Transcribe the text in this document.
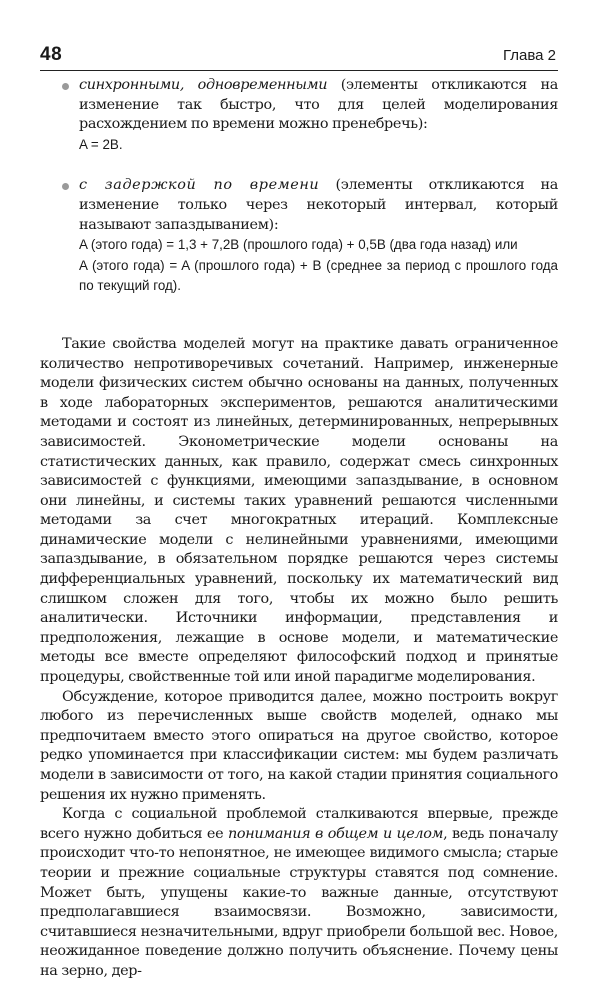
48	Глава 2

синхронными, одновременными (элементы откликаются на изменение так быстро, что для целей моделирования расхождением по времени можно пренебречь):
A = 2B.

с задержкой по времени (элементы откликаются на изменение только через некоторый интервал, который называют запаздыванием):
A (этого года) = 1,3 + 7,2B (прошлого года) + 0,5B (два года назад) или
A (этого года) = A (прошлого года) + B (среднее за период с прошлого года по текущий год).

Такие свойства моделей могут на практике давать ограниченное количество непротиворечивых сочетаний. Например, инженерные модели физических систем обычно основаны на данных, полученных в ходе лабораторных экспериментов, решаются аналитическими методами и состоят из линейных, детерминированных, непрерывных зависимостей. Эконометрические модели основаны на статистических данных, как правило, содержат смесь синхронных зависимостей с функциями, имеющими запаздывание, в основном они линейны, и системы таких уравнений решаются численными методами за счет многократных итераций. Комплексные динамические модели с нелинейными уравнениями, имеющими запаздывание, в обязательном порядке решаются через системы дифференциальных уравнений, поскольку их математический вид слишком сложен для того, чтобы их можно было решить аналитически. Источники информации, представления и предположения, лежащие в основе модели, и математические методы все вместе определяют философский подход и принятые процедуры, свойственные той или иной парадигме моделирования.

Обсуждение, которое приводится далее, можно построить вокруг любого из перечисленных выше свойств моделей, однако мы предпочитаем вместо этого опираться на другое свойство, которое редко упоминается при классификации систем: мы будем различать модели в зависимости от того, на какой стадии принятия социального решения их нужно применять.

Когда с социальной проблемой сталкиваются впервые, прежде всего нужно добиться ее понимания в общем и целом, ведь поначалу происходит что-то непонятное, не имеющее видимого смысла; старые теории и прежние социальные структуры ставятся под сомнение. Может быть, упущены какие-то важные данные, отсутствуют предполагавшиеся взаимосвязи. Возможно, зависимости, считавшиеся незначительными, вдруг приобрели большой вес. Новое, неожиданное поведение должно получить объяснение. Почему цены на зерно, дер-
